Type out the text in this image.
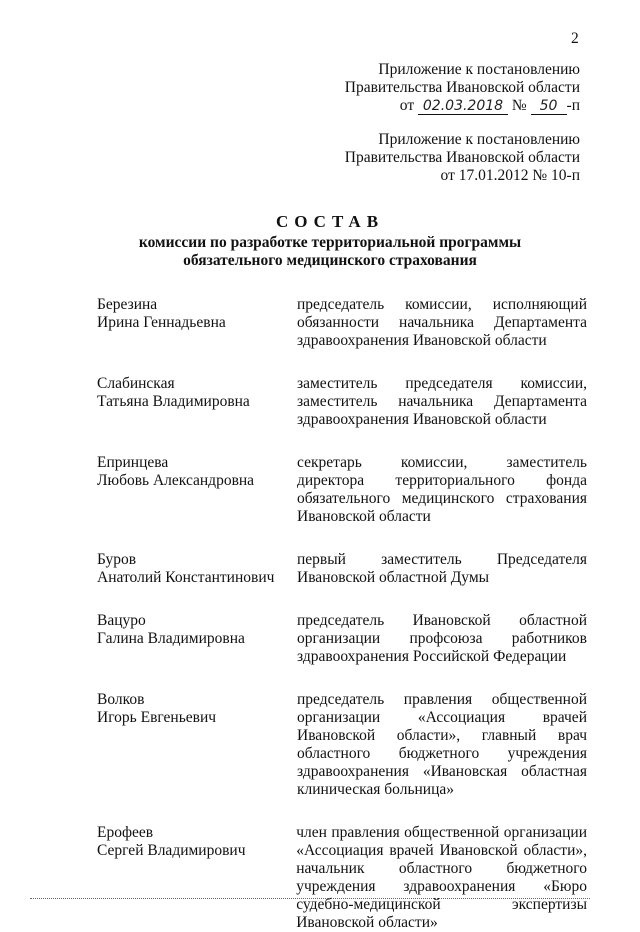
2
Приложение к постановлению
Правительства Ивановской области
от 02.03.2018 № 50 -п
Приложение к постановлению
Правительства Ивановской области
от 17.01.2012 № 10-п
СОСТАВ
комиссии по разработке территориальной программы
обязательного медицинского страхования
Березина
Ирина Геннадьевна
председатель комиссии, исполняющий обязанности начальника Департамента здравоохранения Ивановской области
Слабинская
Татьяна Владимировна
заместитель председателя комиссии, заместитель начальника Департамента здравоохранения Ивановской области
Епринцева
Любовь Александровна
секретарь комиссии, заместитель директора территориального фонда обязательного медицинского страхования Ивановской области
Буров
Анатолий Константинович
первый заместитель Председателя Ивановской областной Думы
Вацуро
Галина Владимировна
председатель Ивановской областной организации профсоюза работников здравоохранения Российской Федерации
Волков
Игорь Евгеньевич
председатель правления общественной организации «Ассоциация врачей Ивановской области», главный врач областного бюджетного учреждения здравоохранения «Ивановская областная клиническая больница»
Ерофеев
Сергей Владимирович
член правления общественной организации «Ассоциация врачей Ивановской области», начальник областного бюджетного учреждения здравоохранения «Бюро судебно-медицинской экспертизы Ивановской области»
